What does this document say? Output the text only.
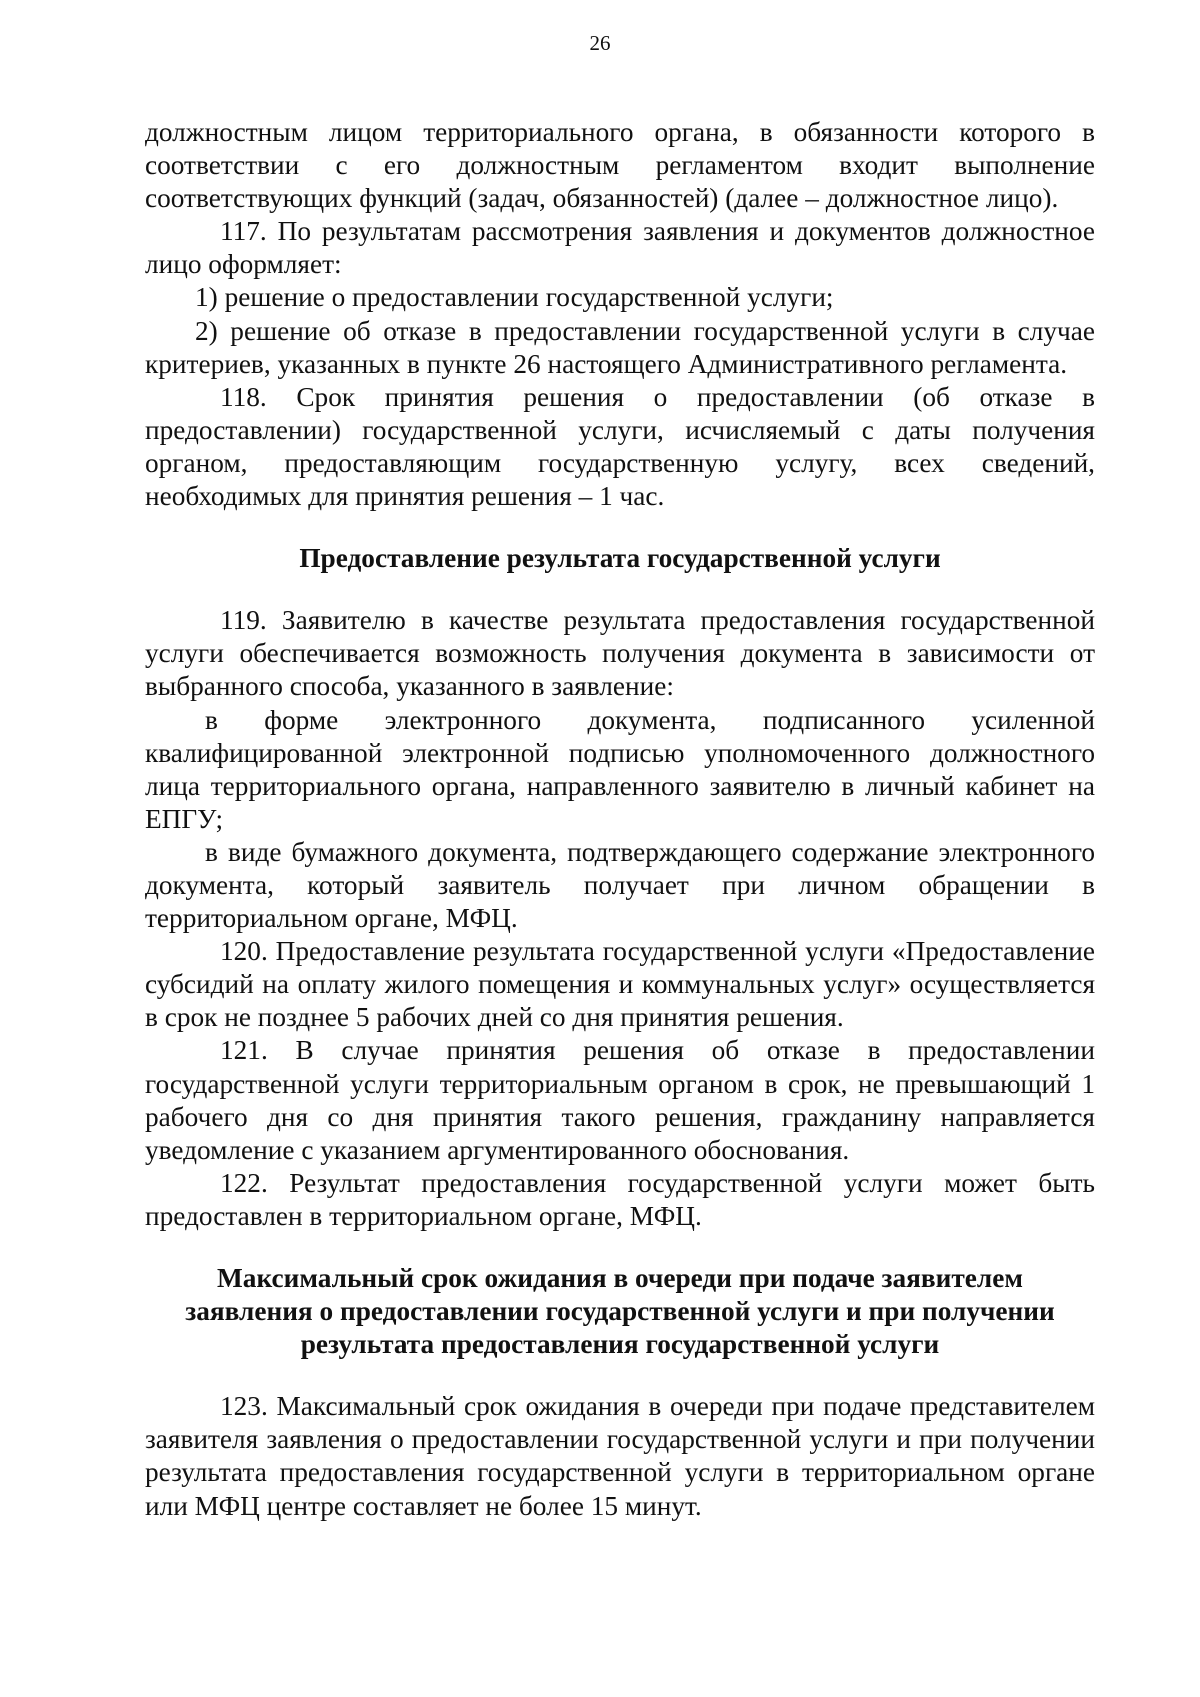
26

должностным лицом территориального органа, в обязанности которого в соответствии с его должностным регламентом входит выполнение соответствующих функций (задач, обязанностей) (далее – должностное лицо).

117. По результатам рассмотрения заявления и документов должностное лицо оформляет:

1) решение о предоставлении государственной услуги;

2) решение об отказе в предоставлении государственной услуги в случае критериев, указанных в пункте 26 настоящего Административного регламента.

118. Срок принятия решения о предоставлении (об отказе в предоставлении) государственной услуги, исчисляемый с даты получения органом, предоставляющим государственную услугу, всех сведений, необходимых для принятия решения – 1 час.

Предоставление результата государственной услуги

119. Заявителю в качестве результата предоставления государственной услуги обеспечивается возможность получения документа в зависимости от выбранного способа, указанного в заявление:

в форме электронного документа, подписанного усиленной квалифицированной электронной подписью уполномоченного должностного лица территориального органа, направленного заявителю в личный кабинет на ЕПГУ;

в виде бумажного документа, подтверждающего содержание электронного документа, который заявитель получает при личном обращении в территориальном органе, МФЦ.

120. Предоставление результата государственной услуги «Предоставление субсидий на оплату жилого помещения и коммунальных услуг» осуществляется в срок не позднее 5 рабочих дней со дня принятия решения.

121. В случае принятия решения об отказе в предоставлении государственной услуги территориальным органом в срок, не превышающий 1 рабочего дня со дня принятия такого решения, гражданину направляется уведомление с указанием аргументированного обоснования.

122. Результат предоставления государственной услуги может быть предоставлен в территориальном органе, МФЦ.

Максимальный срок ожидания в очереди при подаче заявителем заявления о предоставлении государственной услуги и при получении результата предоставления государственной услуги

123. Максимальный срок ожидания в очереди при подаче представителем заявителя заявления о предоставлении государственной услуги и при получении результата предоставления государственной услуги в территориальном органе или МФЦ центре составляет не более 15 минут.
